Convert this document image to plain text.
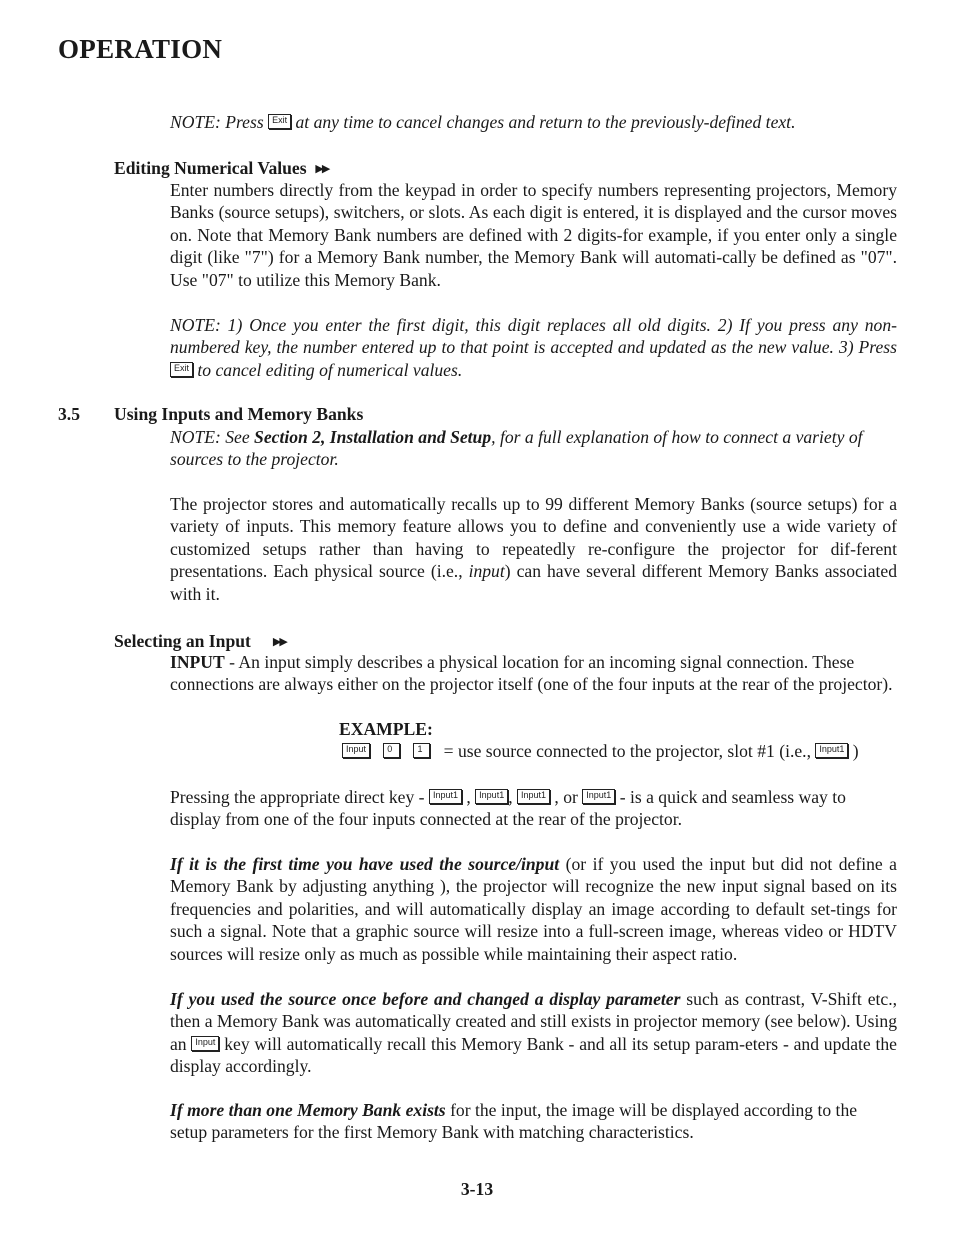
OPERATION

NOTE: Press Exit at any time to cancel changes and return to the previously-defined text.

Editing Numerical Values ▶▶

Enter numbers directly from the keypad in order to specify numbers representing projectors, Memory Banks (source setups), switchers, or slots. As each digit is entered, it is displayed and the cursor moves on. Note that Memory Bank numbers are defined with 2 digits-for example, if you enter only a single digit (like "7") for a Memory Bank number, the Memory Bank will automati-cally be defined as "07". Use "07" to utilize this Memory Bank.

NOTE: 1) Once you enter the first digit, this digit replaces all old digits. 2) If you press any non-numbered key, the number entered up to that point is accepted and updated as the new value. 3) Press Exit to cancel editing of numerical values.

3.5 Using Inputs and Memory Banks

NOTE: See Section 2, Installation and Setup, for a full explanation of how to connect a variety of sources to the projector.

The projector stores and automatically recalls up to 99 different Memory Banks (source setups) for a variety of inputs. This memory feature allows you to define and conveniently use a wide variety of customized setups rather than having to repeatedly re-configure the projector for dif-ferent presentations. Each physical source (i.e., input) can have several different Memory Banks associated with it.

Selecting an Input ▶▶

INPUT - An input simply describes a physical location for an incoming signal connection. These connections are always either on the projector itself (one of the four inputs at the rear of the projector).

EXAMPLE:

Input 0	1   = use source connected to the projector, slot #1 (i.e., Input1 )

Pressing the appropriate direct key - Input1 , Input1 , Input1 , or Input1 - is a quick and seamless way to display from one of the four inputs connected at the rear of the projector.

If it is the first time you have used the source/input (or if you used the input but did not define a Memory Bank by adjusting anything ), the projector will recognize the new input signal based on its frequencies and polarities, and will automatically display an image according to default set-tings for such a signal. Note that a graphic source will resize into a full-screen image, whereas video or HDTV sources will resize only as much as possible while maintaining their aspect ratio.

If you used the source once before and changed a display parameter such as contrast, V-Shift etc., then a Memory Bank was automatically created and still exists in projector memory (see below). Using an Input key will automatically recall this Memory Bank - and all its setup param-eters - and update the display accordingly.

If more than one Memory Bank exists for the input, the image will be displayed according to the setup parameters for the first Memory Bank with matching characteristics.

3-13
